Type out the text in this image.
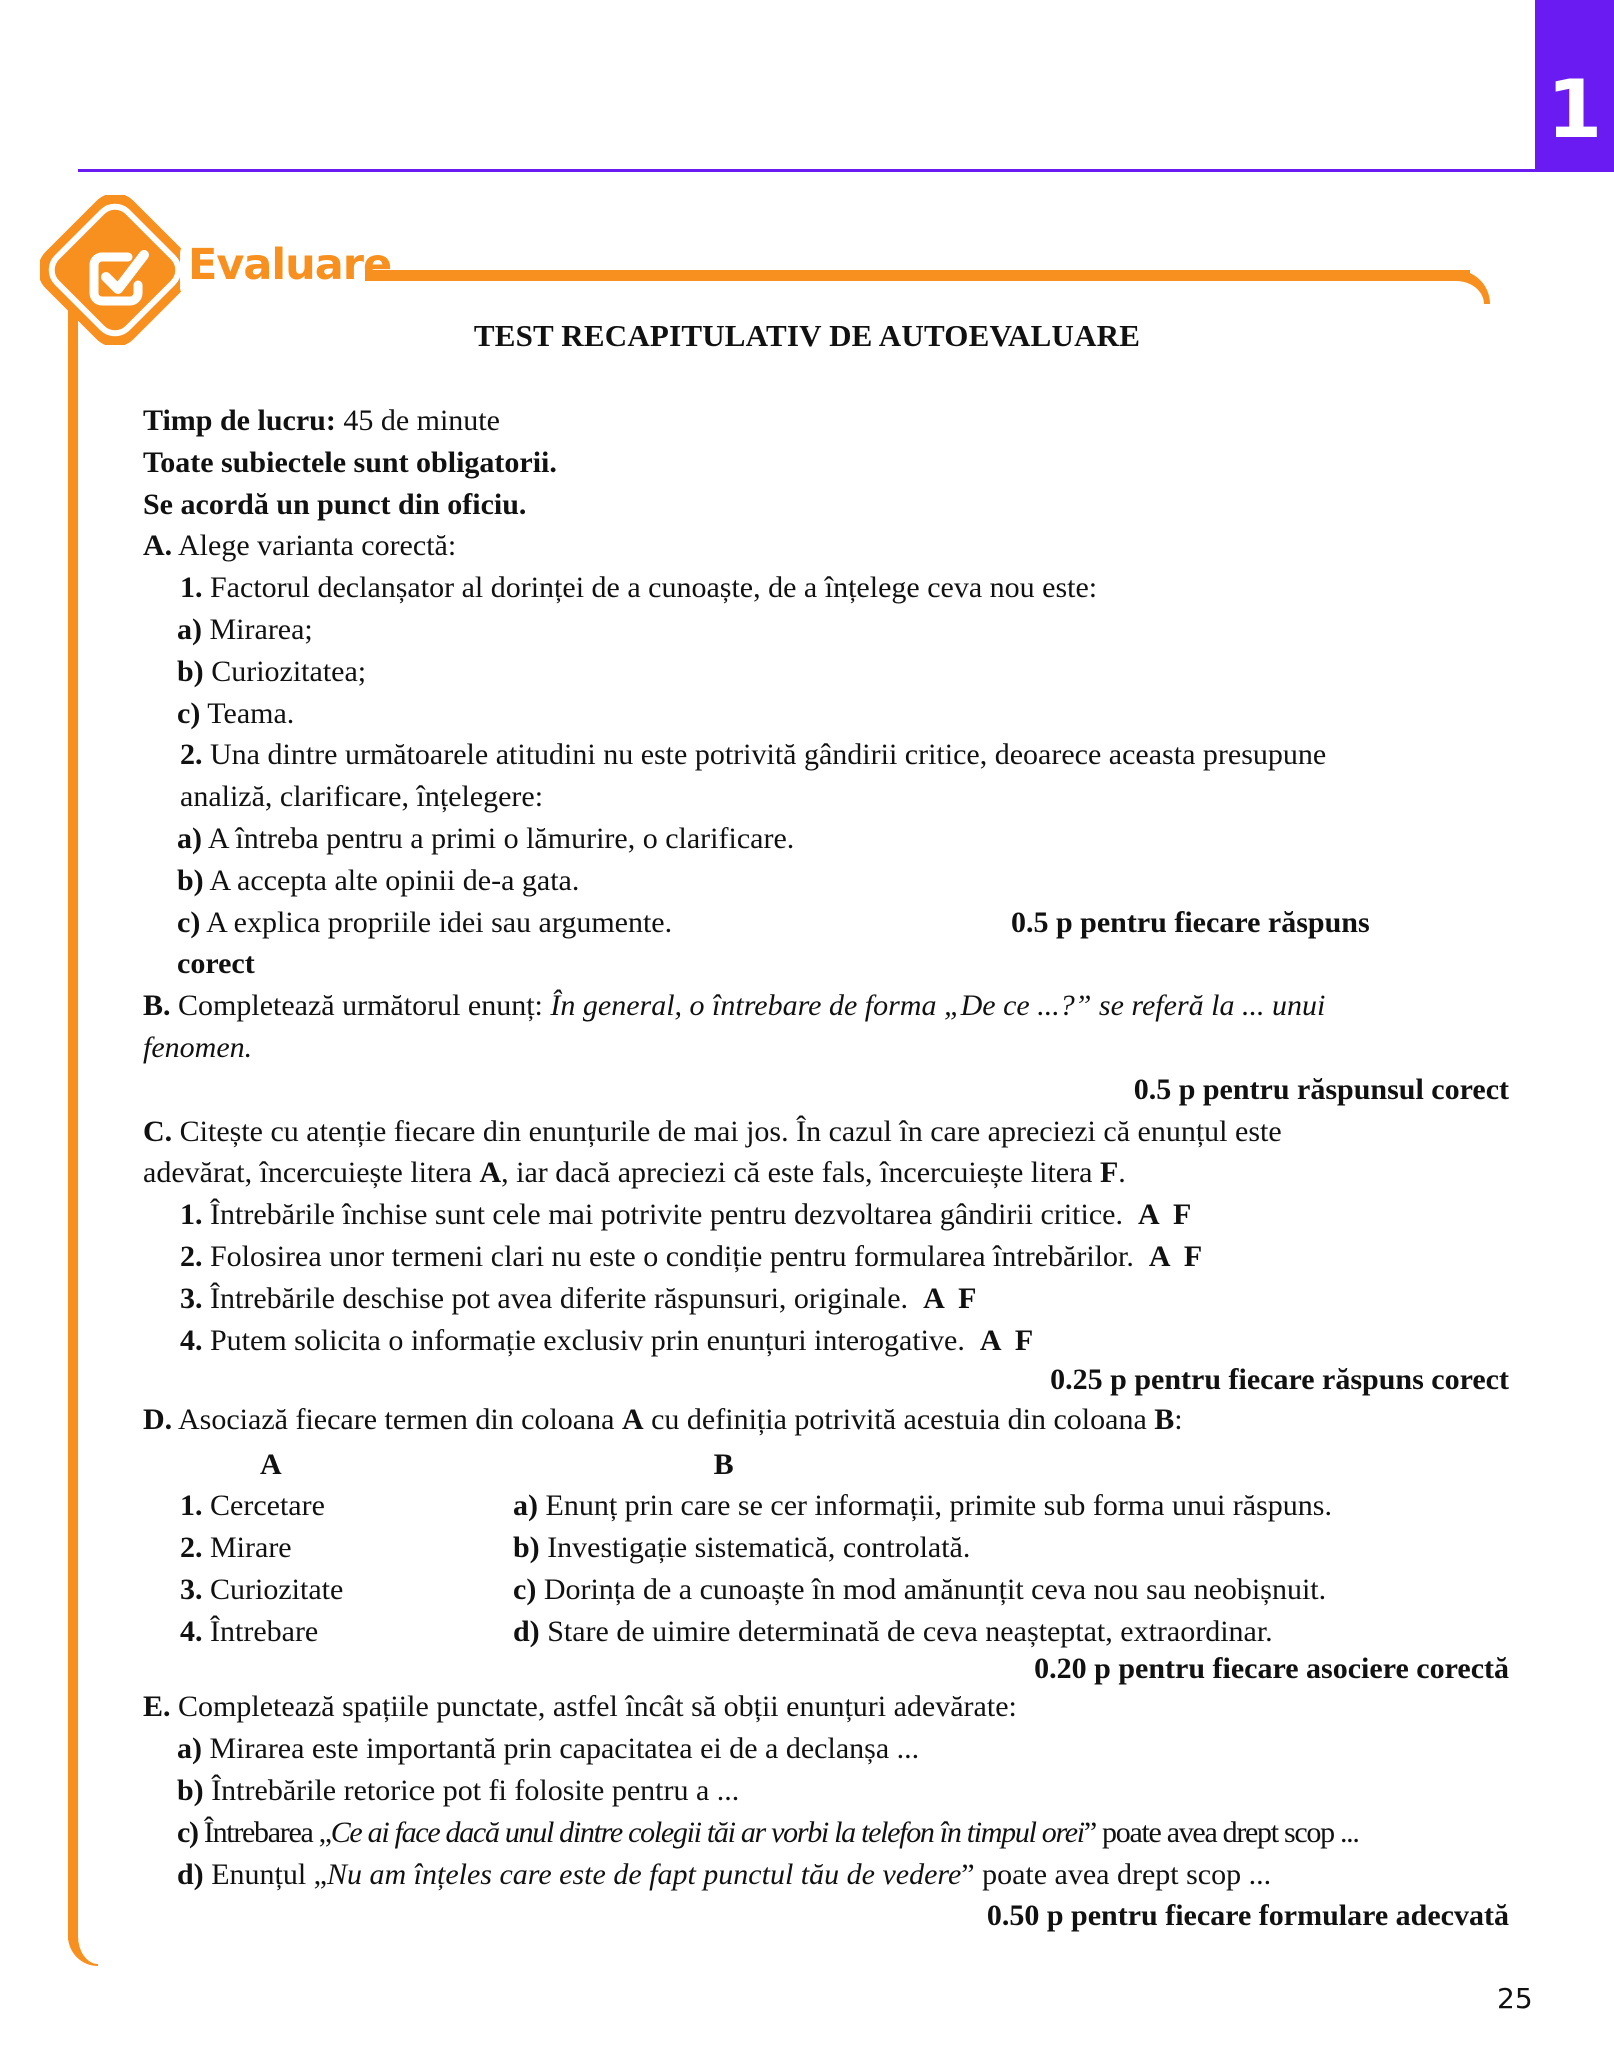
1
Evaluare
TEST RECAPITULATIV DE AUTOEVALUARE
Timp de lucru: 45 de minute
Toate subiectele sunt obligatorii.
Se acordă un punct din oficiu.
A. Alege varianta corectă:
1. Factorul declanșator al dorinței de a cunoaște, de a înțelege ceva nou este:
a) Mirarea;
b) Curiozitatea;
c) Teama.
2. Una dintre următoarele atitudini nu este potrivită gândirii critice, deoarece aceasta presupune
analiză, clarificare, înțelegere:
a) A întreba pentru a primi o lămurire, o clarificare.
b) A accepta alte opinii de-a gata.
c) A explica propriile idei sau argumente.	0.5 p pentru fiecare răspuns
corect
B. Completează următorul enunț: În general, o întrebare de forma „De ce ...?” se referă la ... unui
fenomen.
0.5 p pentru răspunsul corect
C. Citește cu atenție fiecare din enunțurile de mai jos. În cazul în care apreciezi că enunțul este
adevărat, încercuiește litera A, iar dacă apreciezi că este fals, încercuiește litera F.
1. Întrebările închise sunt cele mai potrivite pentru dezvoltarea gândirii critice. A  F
2. Folosirea unor termeni clari nu este o condiție pentru formularea întrebărilor. A  F
3. Întrebările deschise pot avea diferite răspunsuri, originale. A  F
4. Putem solicita o informație exclusiv prin enunțuri interogative. A  F
0.25 p pentru fiecare răspuns corect
D. Asociază fiecare termen din coloana A cu definiția potrivită acestuia din coloana B:
A	B
1. Cercetare	a) Enunț prin care se cer informații, primite sub forma unui răspuns.
2. Mirare	b) Investigație sistematică, controlată.
3. Curiozitate	c) Dorința de a cunoaște în mod amănunțit ceva nou sau neobișnuit.
4. Întrebare	d) Stare de uimire determinată de ceva neașteptat, extraordinar.
0.20 p pentru fiecare asociere corectă
E. Completează spațiile punctate, astfel încât să obții enunțuri adevărate:
a) Mirarea este importantă prin capacitatea ei de a declanșa ...
b) Întrebările retorice pot fi folosite pentru a ...
c) Întrebarea „Ce ai face dacă unul dintre colegii tăi ar vorbi la telefon în timpul orei” poate avea drept scop ...
d) Enunțul „Nu am înțeles care este de fapt punctul tău de vedere” poate avea drept scop ...
0.50 p pentru fiecare formulare adecvată
25
